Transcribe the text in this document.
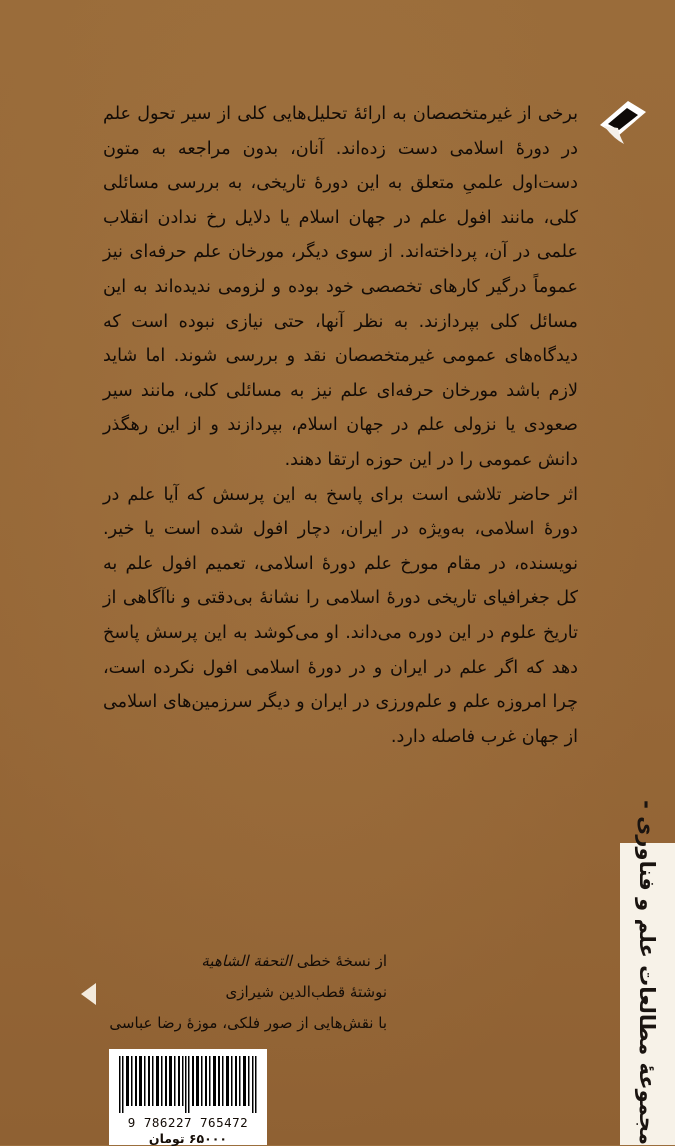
برخی از غیرمتخصصان به ارائهٔ تحلیل‌هایی کلی از سیر تحول علم در دورهٔ اسلامی دست زده‌اند. آنان، بدون مراجعه به متون دست‌اول علمیِ متعلق به این دورهٔ تاریخی، به بررسی مسائلی کلی، مانند افول علم در جهان اسلام یا دلایل رخ ندادن انقلاب علمی در آن، پرداخته‌اند. از سوی دیگر، مورخان علم حرفه‌ای نیز عموماً درگیر کارهای تخصصی خود بوده و لزومی ندیده‌اند به این مسائل کلی بپردازند. به نظر آنها، حتی نیازی نبوده است که دیدگاه‌های عمومی غیرمتخصصان نقد و بررسی شوند. اما شاید لازم باشد مورخان حرفه‌ای علم نیز به مسائلی کلی، مانند سیر صعودی یا نزولی علم در جهان اسلام، بپردازند و از این رهگذر دانش عمومی را در این حوزه ارتقا دهند.

اثر حاضر تلاشی است برای پاسخ به این پرسش که آیا علم در دورهٔ اسلامی، به‌ویژه در ایران، دچار افول شده است یا خیر. نویسنده، در مقام مورخ علم دورهٔ اسلامی، تعمیم افول علم به کل جغرافیای تاریخی دورهٔ اسلامی را نشانهٔ بی‌دقتی و ناآگاهی از تاریخ علوم در این دوره می‌داند. او می‌کوشد به این پرسش پاسخ دهد که اگر علم در ایران و در دورهٔ اسلامی افول نکرده است، چرا امروزه علم و علم‌ورزی در ایران و دیگر سرزمین‌های اسلامی از جهان غرب فاصله دارد.

از نسخهٔ خطی التحفة الشاهیة
نوشتهٔ قطب‌الدین شیرازی
با نقش‌هایی از صور فلکی، موزهٔ رضا عباسی	مجموعهٔ مطالعات علم و فناوری -
9 786227 765472
۶۵۰۰۰ تومان
